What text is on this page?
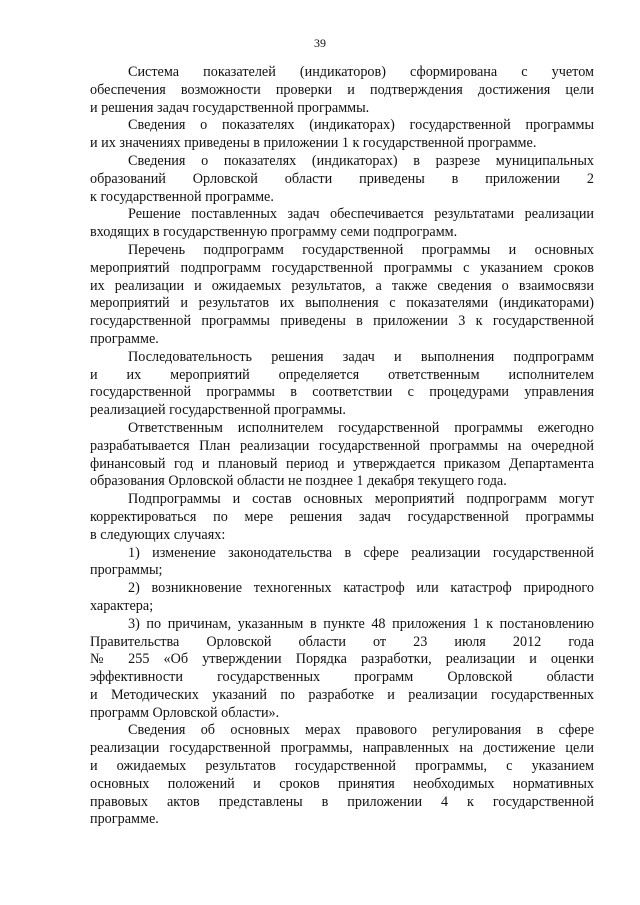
39
Система показателей (индикаторов) сформирована с учетом
обеспечения возможности проверки и подтверждения достижения цели
и решения задач государственной программы.
Сведения о показателях (индикаторах) государственной программы
и их значениях приведены в приложении 1 к государственной программе.
Сведения о показателях (индикаторах) в разрезе муниципальных
образований Орловской области приведены в приложении 2
к государственной программе.
Решение поставленных задач обеспечивается результатами реализации
входящих в государственную программу семи подпрограмм.
Перечень подпрограмм государственной программы и основных
мероприятий подпрограмм государственной программы с указанием сроков
их реализации и ожидаемых результатов, а также сведения о взаимосвязи
мероприятий и результатов их выполнения с показателями (индикаторами)
государственной программы приведены в приложении 3 к государственной
программе.
Последовательность решения задач и выполнения подпрограмм
и их мероприятий определяется ответственным исполнителем
государственной программы в соответствии с процедурами управления
реализацией государственной программы.
Ответственным исполнителем государственной программы ежегодно
разрабатывается План реализации государственной программы на очередной
финансовый год и плановый период и утверждается приказом Департамента
образования Орловской области не позднее 1 декабря текущего года.
Подпрограммы и состав основных мероприятий подпрограмм могут
корректироваться по мере решения задач государственной программы
в следующих случаях:
1) изменение законодательства в сфере реализации государственной
программы;
2) возникновение техногенных катастроф или катастроф природного
характера;
3) по причинам, указанным в пункте 48 приложения 1 к постановлению
Правительства Орловской области от 23 июля 2012 года
№ 255 «Об утверждении Порядка разработки, реализации и оценки
эффективности государственных программ Орловской области
и Методических указаний по разработке и реализации государственных
программ Орловской области».
Сведения об основных мерах правового регулирования в сфере
реализации государственной программы, направленных на достижение цели
и ожидаемых результатов государственной программы, с указанием
основных положений и сроков принятия необходимых нормативных
правовых актов представлены в приложении 4 к государственной
программе.
